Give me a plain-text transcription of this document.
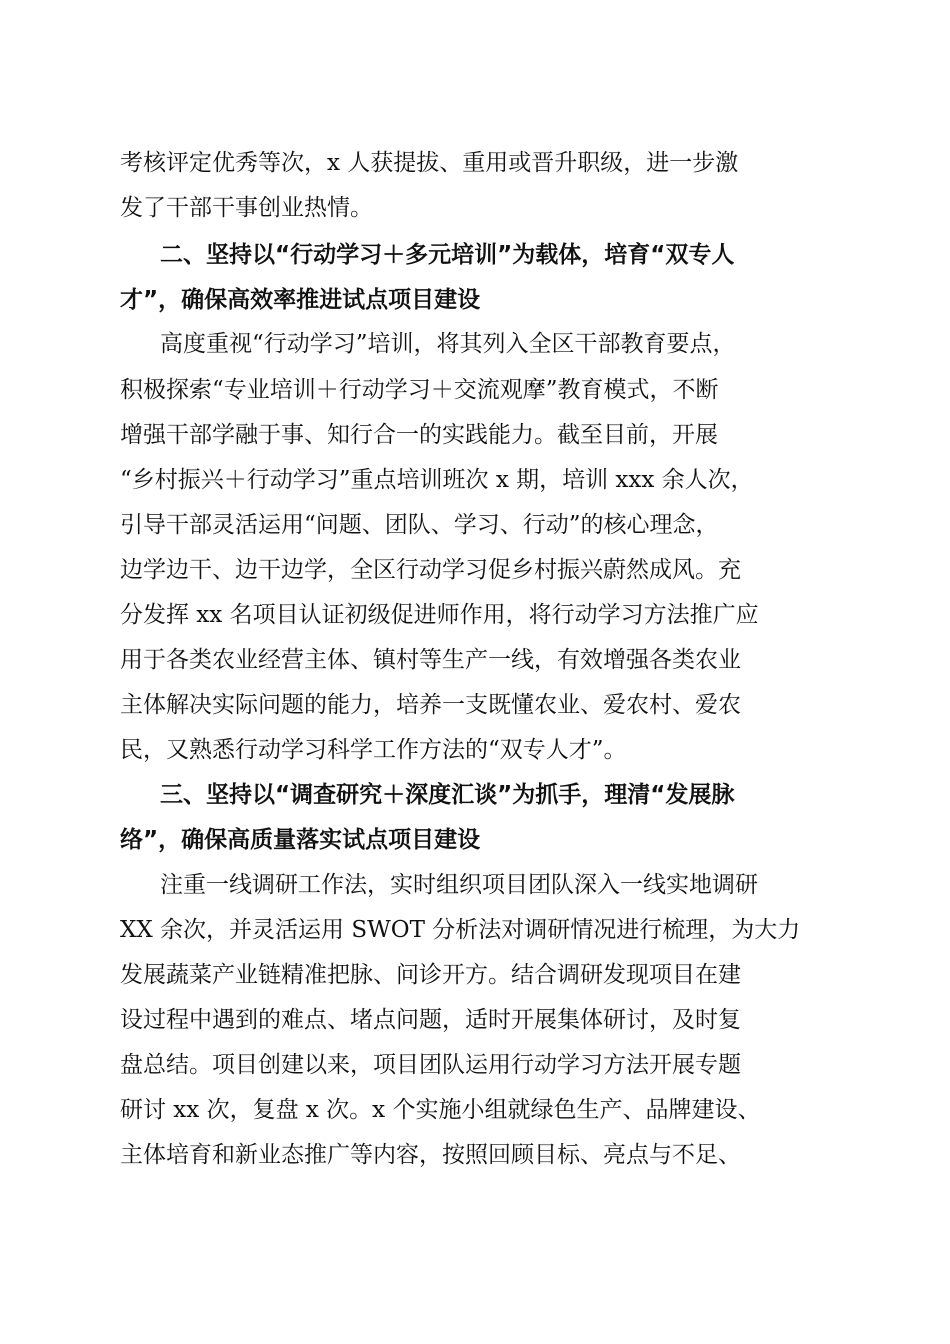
考核评定优秀等次，x 人获提拔、重用或晋升职级，进一步激
发了干部干事创业热情。
二、坚持以“行动学习＋多元培训”为载体，培育“双专人
才”，确保高效率推进试点项目建设
高度重视“行动学习”培训，将其列入全区干部教育要点，
积极探索“专业培训＋行动学习＋交流观摩”教育模式，不断
增强干部学融于事、知行合一的实践能力。截至目前，开展
“乡村振兴＋行动学习”重点培训班次 x 期，培训 xxx 余人次，
引导干部灵活运用“问题、团队、学习、行动”的核心理念，
边学边干、边干边学，全区行动学习促乡村振兴蔚然成风。充
分发挥 xx 名项目认证初级促进师作用，将行动学习方法推广应
用于各类农业经营主体、镇村等生产一线，有效增强各类农业
主体解决实际问题的能力，培养一支既懂农业、爱农村、爱农
民，又熟悉行动学习科学工作方法的“双专人才”。
三、坚持以“调查研究＋深度汇谈”为抓手，理清“发展脉
络”，确保高质量落实试点项目建设
注重一线调研工作法，实时组织项目团队深入一线实地调研
XX 余次，并灵活运用 SWOT 分析法对调研情况进行梳理，为大力
发展蔬菜产业链精准把脉、问诊开方。结合调研发现项目在建
设过程中遇到的难点、堵点问题，适时开展集体研讨，及时复
盘总结。项目创建以来，项目团队运用行动学习方法开展专题
研讨 xx 次，复盘 x 次。x 个实施小组就绿色生产、品牌建设、
主体培育和新业态推广等内容，按照回顾目标、亮点与不足、
